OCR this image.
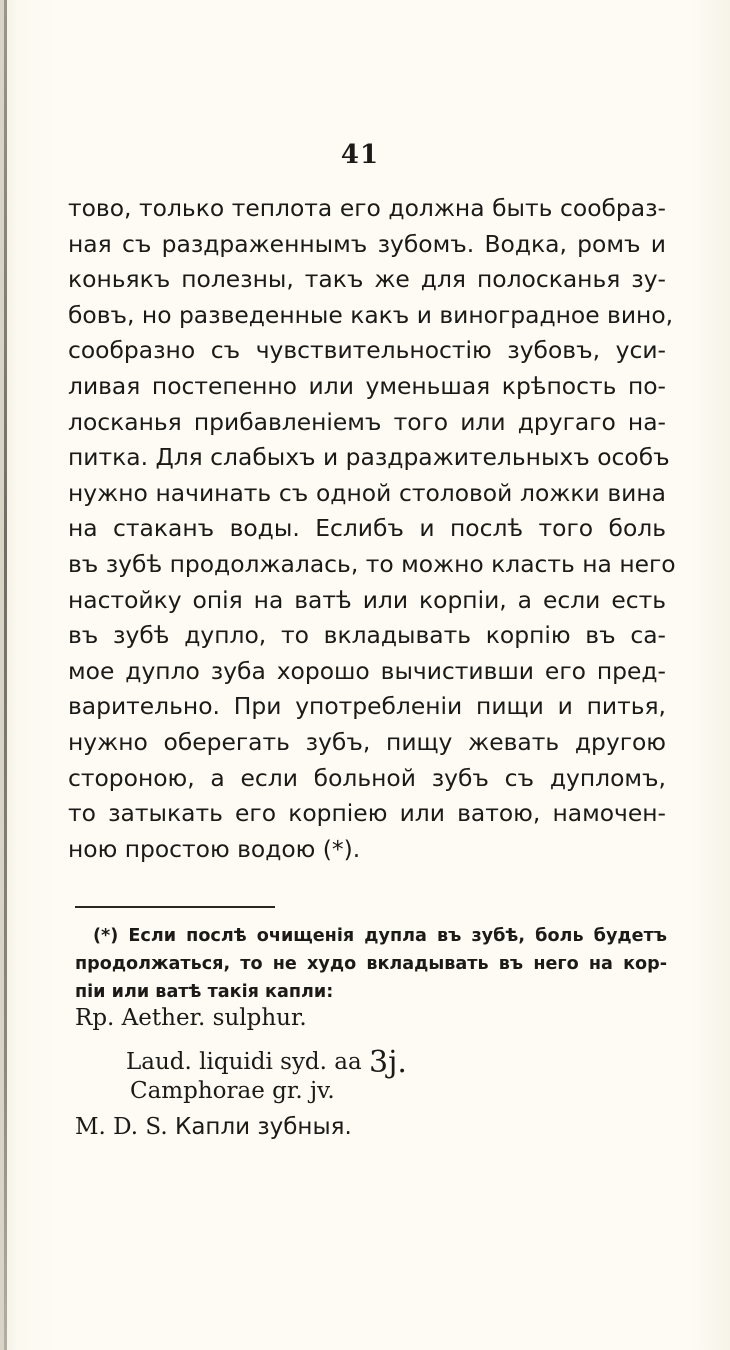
41
тово, только теплота его должна быть сообраз-
ная съ раздраженнымъ зубомъ. Водка, ромъ и
коньякъ полезны, такъ же для полосканья зу-
бовъ, но разведенные какъ и виноградное вино,
сообразно съ чувствительностію зубовъ, уси-
ливая постепенно или уменьшая крѣпость по-
лосканья прибавленіемъ того или другаго на-
питка. Для слабыхъ и раздражительныхъ особъ
нужно начинать съ одной столовой ложки вина
на стаканъ воды. Еслибъ и послѣ того боль
въ зубѣ продолжалась, то можно класть на него
настойку опія на ватѣ или корпіи, а если есть
въ зубѣ дупло, то вкладывать корпію въ са-
мое дупло зуба хорошо вычистивши его пред-
варительно. При употребленіи пищи и питья,
нужно оберегать зубъ, пищу жевать другою
стороною, а если больной зубъ съ дупломъ,
то затыкать его корпіею или ватою, намочен-
ною простою водою (*).
(*) Если послѣ очищенія дупла въ зубѣ, боль будетъ
продолжаться, то не худо вкладывать въ него на кор-
піи или ватѣ такія капли:
Rp. Aether. sulphur.
Laud. liquidi syd. aa 3j.
Camphorae gr. jv.
M. D. S. Капли зубныя.
